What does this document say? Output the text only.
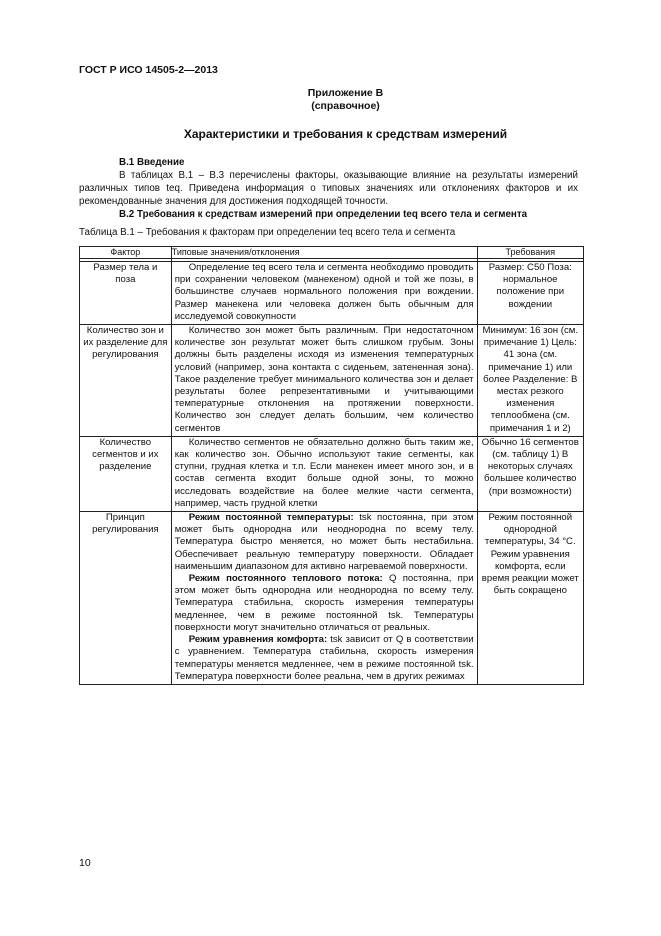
ГОСТ Р ИСО 14505-2—2013
Приложение В
(справочное)
Характеристики и требования к средствам измерений

В.1 Введение

В таблицах В.1 – В.3 перечислены факторы, оказывающие влияние на результаты измерений различных типов teq. Приведена информация о типовых значениях или отклонениях факторов и их рекомендованные значения для достижения подходящей точности.

В.2 Требования к средствам измерений при определении teq всего тела и сегмента

Таблица В.1 – Требования к факторам при определении teq всего тела и сегмента
Фактор	Типовые значения/отклонения	Требования

Размер тела и поза	Определение teq всего тела и сегмента необходимо проводить при сохранении человеком (манекеном) одной и той же позы, в большинстве случаев нормального положения при вождении. Размер манекена или человека должен быть обычным для исследуемой совокупности	Размер: С50 Поза: нормальное положение при вождении
Количество зон и их разделение для регулирования	Количество зон может быть различным. При недостаточном количестве зон результат может быть слишком грубым. Зоны должны быть разделены исходя из изменения температурных условий (например, зона контакта с сиденьем, затененная зона). Такое разделение требует минимального количества зон и делает результаты более репрезентативными и учитывающими температурные отклонения на протяжении поверхности. Количество зон следует делать большим, чем количество сегментов	Минимум: 16 зон (см. примечание 1) Цель: 41 зона (см. примечание 1) или более Разделение: В местах резкого изменения теплообмена (см. примечания 1 и 2)
Количество сегментов и их разделение	Количество сегментов не обязательно должно быть таким же, как количество зон. Обычно используют такие сегменты, как ступни, грудная клетка и т.п. Если манекен имеет много зон, и в состав сегмента входит больше одной зоны, то можно исследовать воздействие на более мелкие части сегмента, например, часть грудной клетки	Обычно 16 сегментов (см. таблицу 1) В некоторых случаях большее количество (при возможности)
Принцип регулирования	Режим постоянной температуры: tsk постоянна, при этом может быть однородна или неоднородна по всему телу. Температура быстро меняется, но может быть нестабильна. Обеспечивает реальную температуру поверхности. Обладает наименьшим диапазоном для активно нагреваемой поверхности.

Режим постоянного теплового потока: Q постоянна, при этом может быть однородна или неоднородна по всему телу. Температура стабильна, скорость измерения температуры медленнее, чем в режиме постоянной tsk. Температуры поверхности могут значительно отличаться от реальных.

Режим уравнения комфорта: tsk зависит от Q в соответствии с уравнением. Температура стабильна, скорость измерения температуры меняется медленнее, чем в режиме постоянной tsk. Температура поверхности более реальна, чем в других режимах	Режим постоянной однородной температуры, 34 °С. Режим уравнения комфорта, если время реакции может быть сокращено
10
